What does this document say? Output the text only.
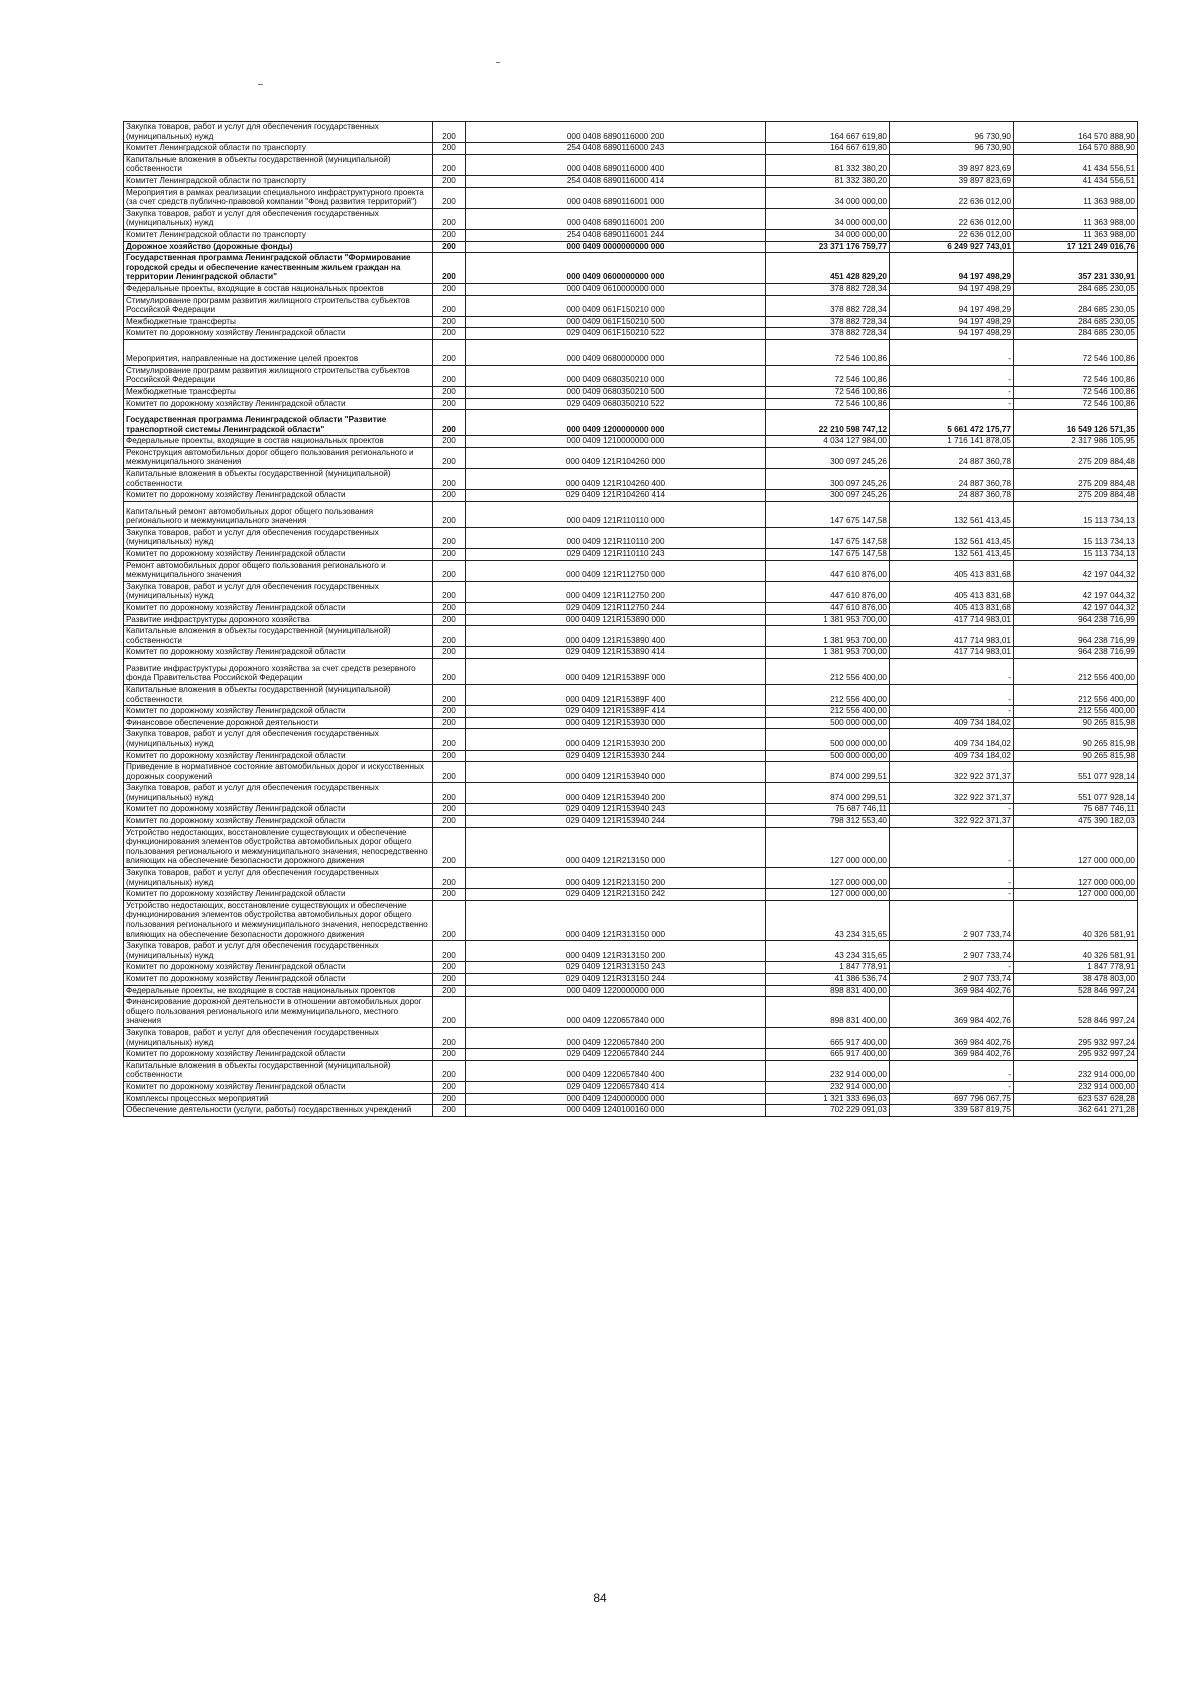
Закупка товаров, работ и услуг для обеспечения государственных (муниципальных) нужд	200	000 0408 6890116000 200	164 667 619,80	96 730,90	164 570 888,90
Комитет Ленинградской области по транспорту	200	254 0408 6890116000 243	164 667 619,80	96 730,90	164 570 888,90
Капитальные вложения в объекты государственной (муниципальной) собственности	200	000 0408 6890116000 400	81 332 380,20	39 897 823,69	41 434 556,51
Комитет Ленинградской области по транспорту	200	254 0408 6890116000 414	81 332 380,20	39 897 823,69	41 434 556,51
Мероприятия в рамках реализации специального инфраструктурного проекта (за счет средств публично-правовой компании "Фонд развития территорий")	200	000 0408 6890116001 000	34 000 000,00	22 636 012,00	11 363 988,00
Закупка товаров, работ и услуг для обеспечения государственных (муниципальных) нужд	200	000 0408 6890116001 200	34 000 000,00	22 636 012,00	11 363 988,00
Комитет Ленинградской области по транспорту	200	254 0408 6890116001 244	34 000 000,00	22 636 012,00	11 363 988,00
Дорожное хозяйство (дорожные фонды)	200	000 0409 0000000000 000	23 371 176 759,77	6 249 927 743,01	17 121 249 016,76
Государственная программа Ленинградской области "Формирование городской среды и обеспечение качественным жильем граждан на территории Ленинградской области"	200	000 0409 0600000000 000	451 428 829,20	94 197 498,29	357 231 330,91
Федеральные проекты, входящие в состав национальных проектов	200	000 0409 0610000000 000	378 882 728,34	94 197 498,29	284 685 230,05
Стимулирование программ развития жилищного строительства субъектов Российской Федерации	200	000 0409 061F150210 000	378 882 728,34	94 197 498,29	284 685 230,05
Межбюджетные трансферты	200	000 0409 061F150210 500	378 882 728,34	94 197 498,29	284 685 230,05
Комитет по дорожному хозяйству Ленинградской области	200	029 0409 061F150210 522	378 882 728,34	94 197 498,29	284 685 230,05
Мероприятия, направленные на достижение целей проектов	200	000 0409 0680000000 000	72 546 100,86	-	72 546 100,86
Стимулирование программ развития жилищного строительства субъектов Российской Федерации	200	000 0409 0680350210 000	72 546 100,86	-	72 546 100,86
Межбюджетные трансферты	200	000 0409 0680350210 500	72 546 100,86	-	72 546 100,86
Комитет по дорожному хозяйству Ленинградской области	200	029 0409 0680350210 522	72 546 100,86	-	72 546 100,86
Государственная программа Ленинградской области "Развитие транспортной системы Ленинградской области"	200	000 0409 1200000000 000	22 210 598 747,12	5 661 472 175,77	16 549 126 571,35
Федеральные проекты, входящие в состав национальных проектов	200	000 0409 1210000000 000	4 034 127 984,00	1 716 141 878,05	2 317 986 105,95
Реконструкция автомобильных дорог общего пользования регионального и межмуниципального значения	200	000 0409 121R104260 000	300 097 245,26	24 887 360,78	275 209 884,48
Капитальные вложения в объекты государственной (муниципальной) собственности	200	000 0409 121R104260 400	300 097 245,26	24 887 360,78	275 209 884,48
Комитет по дорожному хозяйству Ленинградской области	200	029 0409 121R104260 414	300 097 245,26	24 887 360,78	275 209 884,48
Капитальный ремонт автомобильных дорог общего пользования регионального и межмуниципального значения	200	000 0409 121R110110 000	147 675 147,58	132 561 413,45	15 113 734,13
Закупка товаров, работ и услуг для обеспечения государственных (муниципальных) нужд	200	000 0409 121R110110 200	147 675 147,58	132 561 413,45	15 113 734,13
Комитет по дорожному хозяйству Ленинградской области	200	029 0409 121R110110 243	147 675 147,58	132 561 413,45	15 113 734,13
Ремонт автомобильных дорог общего пользования регионального и межмуниципального значения	200	000 0409 121R112750 000	447 610 876,00	405 413 831,68	42 197 044,32
Закупка товаров, работ и услуг для обеспечения государственных (муниципальных) нужд	200	000 0409 121R112750 200	447 610 876,00	405 413 831,68	42 197 044,32
Комитет по дорожному хозяйству Ленинградской области	200	029 0409 121R112750 244	447 610 876,00	405 413 831,68	42 197 044,32
Развитие инфраструктуры дорожного хозяйства	200	000 0409 121R153890 000	1 381 953 700,00	417 714 983,01	964 238 716,99
Капитальные вложения в объекты государственной (муниципальной) собственности	200	000 0409 121R153890 400	1 381 953 700,00	417 714 983,01	964 238 716,99
Комитет по дорожному хозяйству Ленинградской области	200	029 0409 121R153890 414	1 381 953 700,00	417 714 983,01	964 238 716,99
Развитие инфраструктуры дорожного хозяйства за счет средств резервного фонда Правительства Российской Федерации	200	000 0409 121R15389F 000	212 556 400,00	-	212 556 400,00
Капитальные вложения в объекты государственной (муниципальной) собственности	200	000 0409 121R15389F 400	212 556 400,00	-	212 556 400,00
Комитет по дорожному хозяйству Ленинградской области	200	029 0409 121R15389F 414	212 556 400,00	-	212 556 400,00
Финансовое обеспечение дорожной деятельности	200	000 0409 121R153930 000	500 000 000,00	409 734 184,02	90 265 815,98
Закупка товаров, работ и услуг для обеспечения государственных (муниципальных) нужд	200	000 0409 121R153930 200	500 000 000,00	409 734 184,02	90 265 815,98
Комитет по дорожному хозяйству Ленинградской области	200	029 0409 121R153930 244	500 000 000,00	409 734 184,02	90 265 815,98
Приведение в нормативное состояние автомобильных дорог и искусственных дорожных сооружений	200	000 0409 121R153940 000	874 000 299,51	322 922 371,37	551 077 928,14
Закупка товаров, работ и услуг для обеспечения государственных (муниципальных) нужд	200	000 0409 121R153940 200	874 000 299,51	322 922 371,37	551 077 928,14
Комитет по дорожному хозяйству Ленинградской области	200	029 0409 121R153940 243	75 687 746,11	-	75 687 746,11
Комитет по дорожному хозяйству Ленинградской области	200	029 0409 121R153940 244	798 312 553,40	322 922 371,37	475 390 182,03
Устройство недостающих, восстановление существующих и обеспечение функционирования элементов обустройства автомобильных дорог общего пользования регионального и межмуниципального значения, непосредственно влияющих на обеспечение безопасности дорожного движения	200	000 0409 121R213150 000	127 000 000,00	-	127 000 000,00
Закупка товаров, работ и услуг для обеспечения государственных (муниципальных) нужд	200	000 0409 121R213150 200	127 000 000,00	-	127 000 000,00
Комитет по дорожному хозяйству Ленинградской области	200	029 0409 121R213150 242	127 000 000,00	-	127 000 000,00
Устройство недостающих, восстановление существующих и обеспечение функционирования элементов обустройства автомобильных дорог общего пользования регионального и межмуниципального значения, непосредственно влияющих на обеспечение безопасности дорожного движения	200	000 0409 121R313150 000	43 234 315,65	2 907 733,74	40 326 581,91
Закупка товаров, работ и услуг для обеспечения государственных (муниципальных) нужд	200	000 0409 121R313150 200	43 234 315,65	2 907 733,74	40 326 581,91
Комитет по дорожному хозяйству Ленинградской области	200	029 0409 121R313150 243	1 847 778,91	-	1 847 778,91
Комитет по дорожному хозяйству Ленинградской области	200	029 0409 121R313150 244	41 386 536,74	2 907 733,74	38 478 803,00
Федеральные проекты, не входящие в состав национальных проектов	200	000 0409 1220000000 000	898 831 400,00	369 984 402,76	528 846 997,24
Финансирование дорожной деятельности в отношении автомобильных дорог общего пользования регионального или межмуниципального, местного значения	200	000 0409 1220657840 000	898 831 400,00	369 984 402,76	528 846 997,24
Закупка товаров, работ и услуг для обеспечения государственных (муниципальных) нужд	200	000 0409 1220657840 200	665 917 400,00	369 984 402,76	295 932 997,24
Комитет по дорожному хозяйству Ленинградской области	200	029 0409 1220657840 244	665 917 400,00	369 984 402,76	295 932 997,24
Капитальные вложения в объекты государственной (муниципальной) собственности	200	000 0409 1220657840 400	232 914 000,00	-	232 914 000,00
Комитет по дорожному хозяйству Ленинградской области	200	029 0409 1220657840 414	232 914 000,00	-	232 914 000,00
Комплексы процессных мероприятий	200	000 0409 1240000000 000	1 321 333 696,03	697 796 067,75	623 537 628,28
Обеспечение деятельности (услуги, работы) государственных учреждений	200	000 0409 1240100160 000	702 229 091,03	339 587 819,75	362 641 271,28
84
